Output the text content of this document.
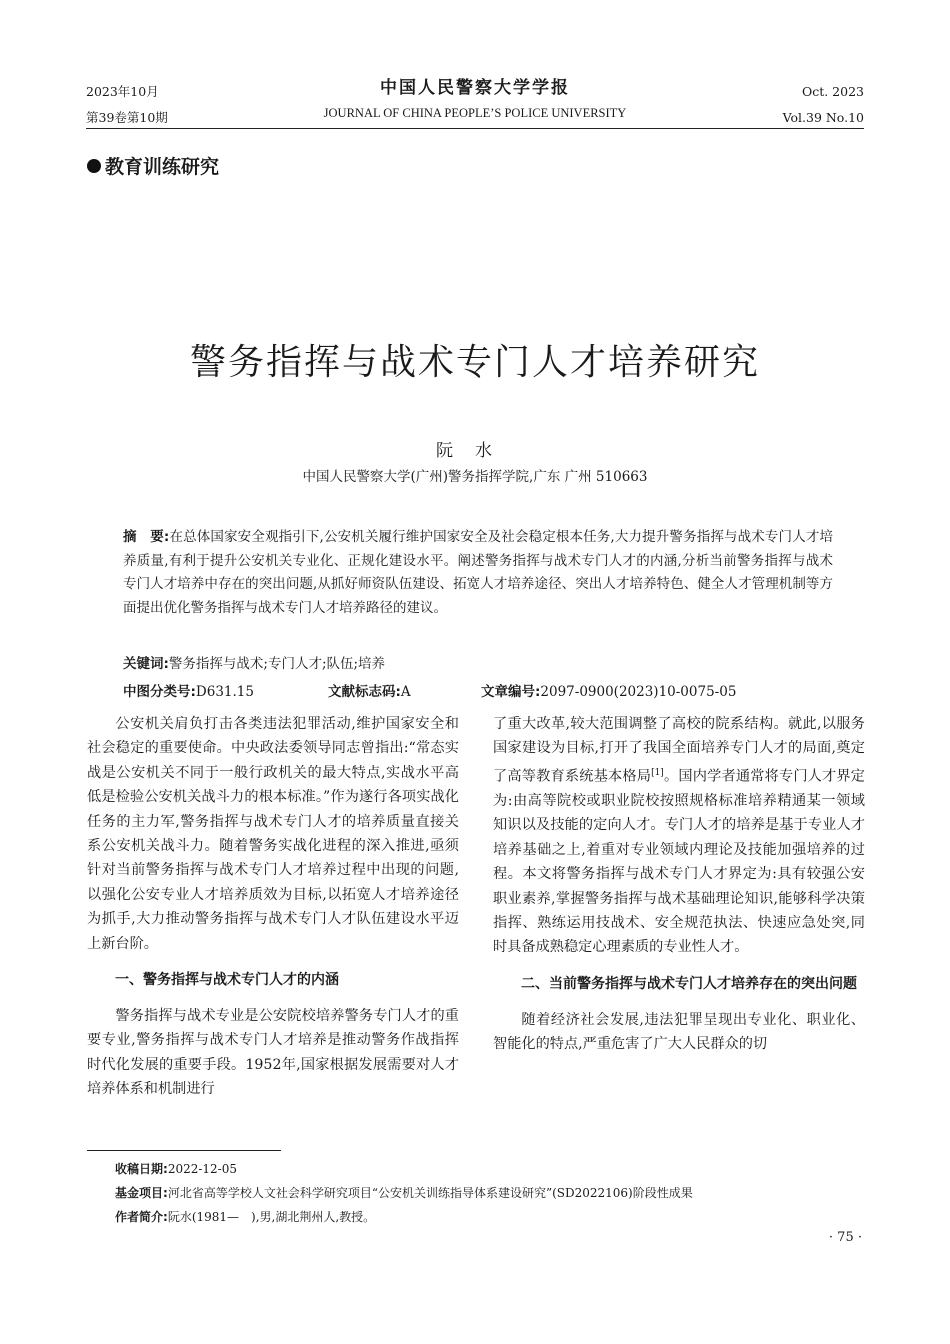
2023年10月
第39卷第10期
中国人民警察大学学报
JOURNAL OF CHINA PEOPLE’S POLICE UNIVERSITY
Oct. 2023
Vol.39 No.10
教育训练研究
警务指挥与战术专门人才培养研究
阮水
中国人民警察大学(广州)警务指挥学院,广东 广州 510663
摘　要:在总体国家安全观指引下,公安机关履行维护国家安全及社会稳定根本任务,大力提升警务指挥与战术专门人才培养质量,有利于提升公安机关专业化、正规化建设水平。阐述警务指挥与战术专门人才的内涵,分析当前警务指挥与战术专门人才培养中存在的突出问题,从抓好师资队伍建设、拓宽人才培养途径、突出人才培养特色、健全人才管理机制等方面提出优化警务指挥与战术专门人才培养路径的建议。
关键词:警务指挥与战术;专门人才;队伍;培养
中图分类号:D631.15	文献标志码:A	文章编号:2097-0900(2023)10-0075-05

公安机关肩负打击各类违法犯罪活动,维护国家安全和社会稳定的重要使命。中央政法委领导同志曾指出:“常态实战是公安机关不同于一般行政机关的最大特点,实战水平高低是检验公安机关战斗力的根本标准。”作为遂行各项实战化任务的主力军,警务指挥与战术专门人才的培养质量直接关系公安机关战斗力。随着警务实战化进程的深入推进,亟须针对当前警务指挥与战术专门人才培养过程中出现的问题,以强化公安专业人才培养质效为目标,以拓宽人才培养途径为抓手,大力推动警务指挥与战术专门人才队伍建设水平迈上新台阶。

一、警务指挥与战术专门人才的内涵

警务指挥与战术专业是公安院校培养警务专门人才的重要专业,警务指挥与战术专门人才培养是推动警务作战指挥时代化发展的重要手段。1952年,国家根据发展需要对人才培养体系和机制进行

了重大改革,较大范围调整了高校的院系结构。就此,以服务国家建设为目标,打开了我国全面培养专门人才的局面,奠定了高等教育系统基本格局[1]。国内学者通常将专门人才界定为:由高等院校或职业院校按照规格标准培养精通某一领域知识以及技能的定向人才。专门人才的培养是基于专业人才培养基础之上,着重对专业领域内理论及技能加强培养的过程。本文将警务指挥与战术专门人才界定为:具有较强公安职业素养,掌握警务指挥与战术基础理论知识,能够科学决策指挥、熟练运用技战术、安全规范执法、快速应急处突,同时具备成熟稳定心理素质的专业性人才。

二、当前警务指挥与战术专门人才培养存在的突出问题

随着经济社会发展,违法犯罪呈现出专业化、职业化、智能化的特点,严重危害了广大人民群众的切

收稿日期:2022-12-05
基金项目:河北省高等学校人文社会科学研究项目“公安机关训练指导体系建设研究”(SD2022106)阶段性成果
作者简介:阮水(1981—　),男,湖北荆州人,教授。
· 75 ·
